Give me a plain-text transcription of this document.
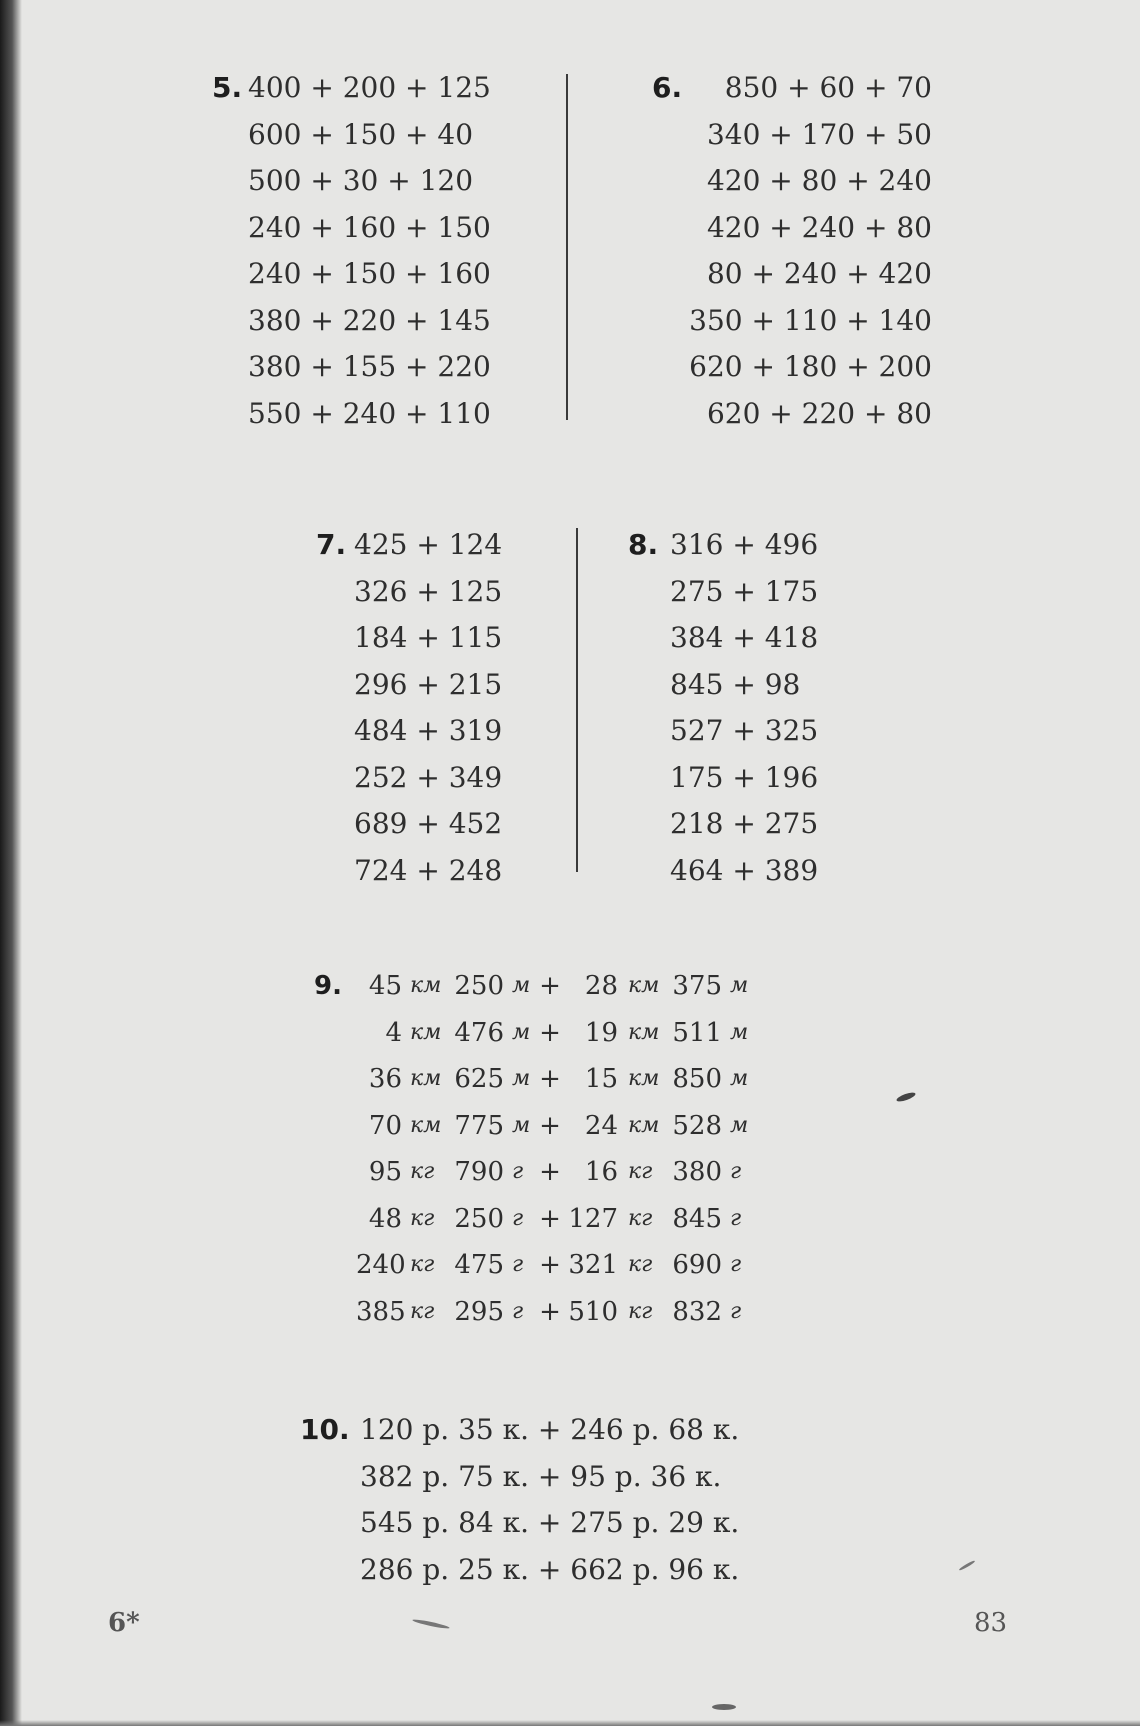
5. 400 + 200 + 125
600 + 150 + 40
500 + 30 + 120
240 + 160 + 150
240 + 150 + 160
380 + 220 + 145
380 + 155 + 220
550 + 240 + 110
6.	850 + 60 + 70
340 + 170 + 50
420 + 80 + 240
420 + 240 + 80
80 + 240 + 420
350 + 110 + 140
620 + 180 + 200
620 + 220 + 80
7. 425 + 124
326 + 125
184 + 115
296 + 215
484 + 319
252 + 349
689 + 452
724 + 248
8. 316 + 496
275 + 175
384 + 418
845 + 98
527 + 325
175 + 196
218 + 275
464 + 389
9.	45 км 250 м + 28 км 375 м
4 км 476 м + 19 км 511 м
36 км 625 м + 15 км 850 м
70 км 775 м + 24 км 528 м
95 кг 790 г + 16 кг 380 г
48 кг 250 г + 127 кг 845 г
240 кг 475 г + 321 кг 690 г
385 кг 295 г + 510 кг 832 г
10. 120 р. 35 к. + 246 р. 68 к.
382 р. 75 к. + 95 р. 36 к.
545 р. 84 к. + 275 р. 29 к.
286 р. 25 к. + 662 р. 96 к.
6*	83
